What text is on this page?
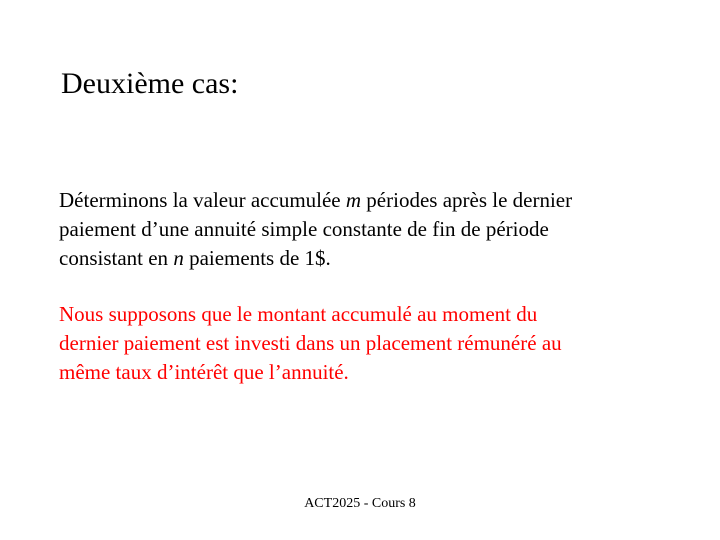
Deuxième cas:
Déterminons la valeur accumulée m périodes après le dernier
paiement d’une annuité simple constante de fin de période
consistant en n paiements de 1$.
Nous supposons que le montant accumulé au moment du
dernier paiement est investi dans un placement rémunéré au
même taux d’intérêt que l’annuité.
ACT2025 - Cours 8
